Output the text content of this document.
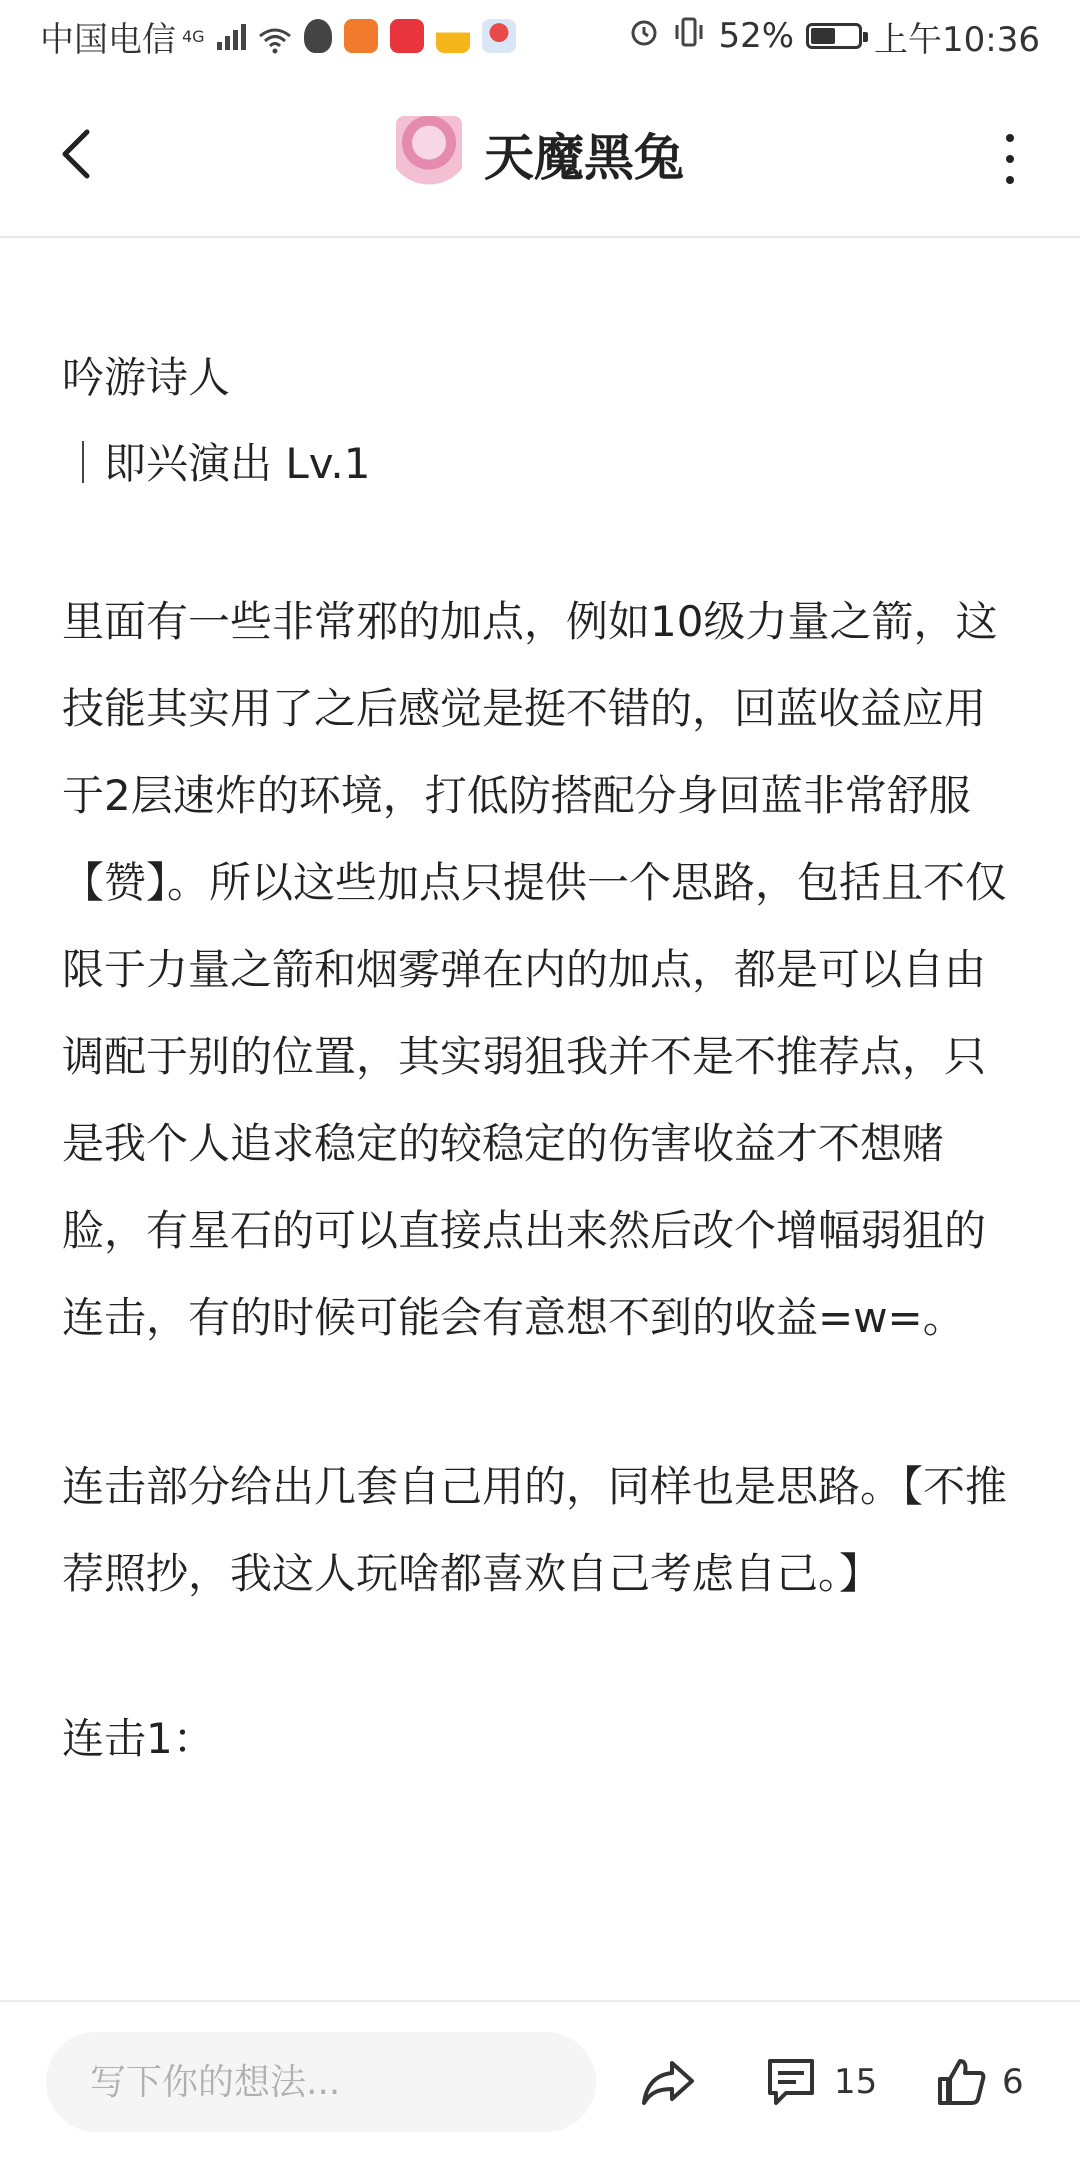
中国电信 4G	52% 上午10:36
天魔黑兔

吟游诗人

｜即兴演出 Lv.1

里面有一些非常邪的加点，例如10级力量之箭，这技能其实用了之后感觉是挺不错的，回蓝收益应用于2层速炸的环境，打低防搭配分身回蓝非常舒服【赞】。所以这些加点只提供一个思路，包括且不仅限于力量之箭和烟雾弹在内的加点，都是可以自由调配于别的位置，其实弱狙我并不是不推荐点，只是我个人追求稳定的较稳定的伤害收益才不想赌脸，有星石的可以直接点出来然后改个增幅弱狙的连击，有的时候可能会有意想不到的收益=w=。

连击部分给出几套自己用的，同样也是思路。【不推荐照抄，我这人玩啥都喜欢自己考虑自己。】

连击1：

写下你的想法...
15	6
